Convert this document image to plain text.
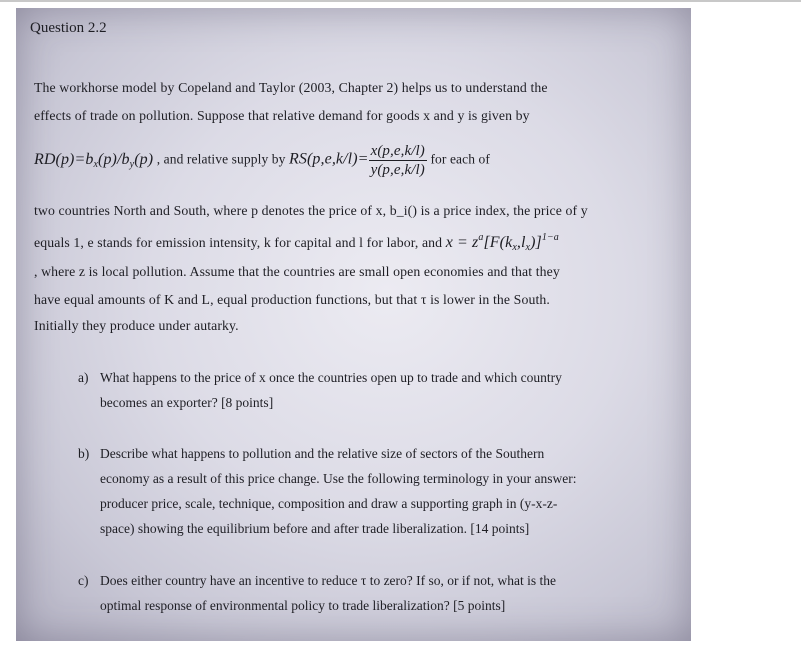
Question 2.2
The workhorse model by Copeland and Taylor (2003, Chapter 2) helps us to understand the
effects of trade on pollution. Suppose that relative demand for goods x and y is given by
$RD(p)=b_x(p)/b_y(p)$ , and relative supply by $RS(p,e,k/l)= \frac{x(p,e,k/l)}{y(p,e,k/l)}$ for each of
two countries North and South, where p denotes the price of x, b_i() is a price index, the price of y
equals 1, e stands for emission intensity, k for capital and l for labor, and $x = z^a[F(k_x,l_x)]^{1-a}$
, where z is local pollution. Assume that the countries are small open economies and that they
have equal amounts of K and L, equal production functions, but that τ is lower in the South.
Initially they produce under autarky.
a) What happens to the price of x once the countries open up to trade and which country
becomes an exporter? [8 points]
b) Describe what happens to pollution and the relative size of sectors of the Southern
economy as a result of this price change. Use the following terminology in your answer:
producer price, scale, technique, composition and draw a supporting graph in (y-x-z-
space) showing the equilibrium before and after trade liberalization. [14 points]
c) Does either country have an incentive to reduce τ to zero? If so, or if not, what is the
optimal response of environmental policy to trade liberalization? [5 points]
